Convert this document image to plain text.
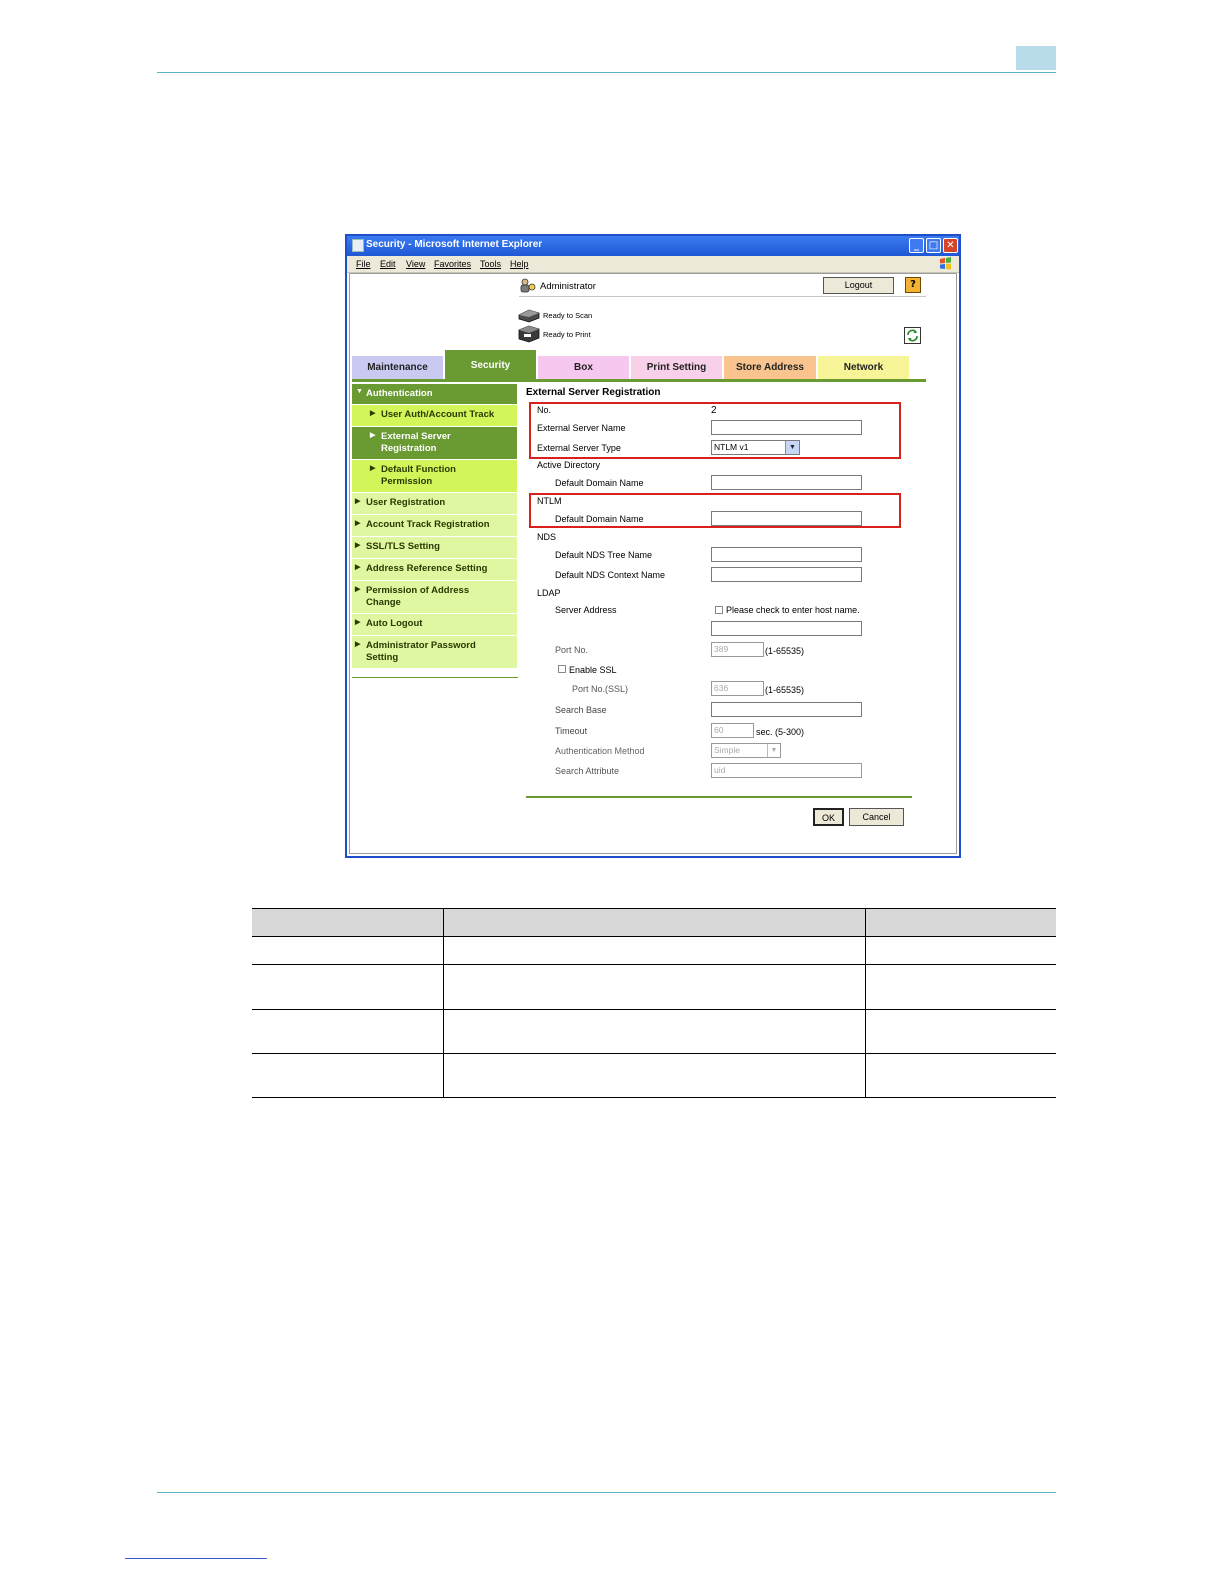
Security - Microsoft Internet Explorer	_ □ ✕
File Edit View Favorites Tools Help
Administrator	Logout	?
Ready to Scan
Ready to Print
Maintenance	Security	Box	Print Setting	Store Address	Network
▼ Authentication
▶ User Auth/Account Track
▶ External Server Registration
▶ Default Function Permission
▶ User Registration
▶ Account Track Registration
▶ SSL/TLS Setting
▶ Address Reference Setting
▶ Permission of Address Change
▶ Auto Logout
▶ Administrator Password Setting
External Server Registration
No.	2
External Server Name
External Server Type	NTLM v1	▼
Active Directory
Default Domain Name
NTLM
Default Domain Name
NDS
Default NDS Tree Name
Default NDS Context Name
LDAP
Server Address	Please check to enter host name.
Port No.	389	(1-65535)
Enable SSL
Port No.(SSL)	636	(1-65535)
Search Base
Timeout	60	sec. (5-300)
Authentication Method	Simple	▼
Search Attribute	uid
OK	Cancel
